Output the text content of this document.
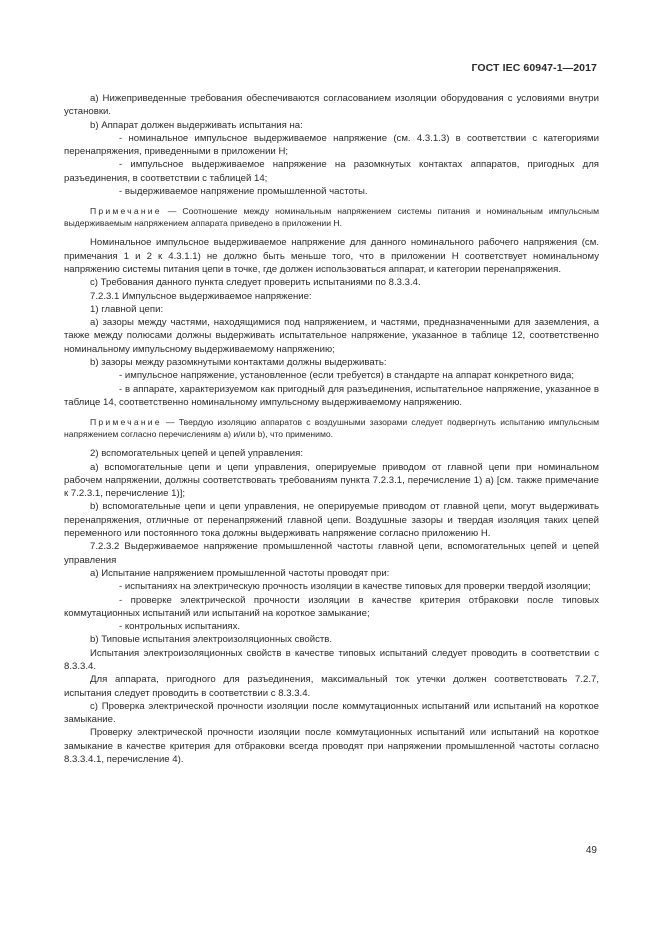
ГОСТ IEC 60947-1—2017

a) Нижеприведенные требования обеспечиваются согласованием изоляции оборудования с условиями внутри установки.

b) Аппарат должен выдерживать испытания на:

- номинальное импульсное выдерживаемое напряжение (см. 4.3.1.3) в соответствии с категориями перенапряжения, приведенными в приложении Н;

- импульсное выдерживаемое напряжение на разомкнутых контактах аппаратов, пригодных для разъединения, в соответствии с таблицей 14;

- выдерживаемое напряжение промышленной частоты.

Примечание — Соотношение между номинальным напряжением системы питания и номинальным импульсным выдерживаемым напряжением аппарата приведено в приложении Н.

Номинальное импульсное выдерживаемое напряжение для данного номинального рабочего напряжения (см. примечания 1 и 2 к 4.3.1.1) не должно быть меньше того, что в приложении Н соответствует номинальному напряжению системы питания цепи в точке, где должен использоваться аппарат, и категории перенапряжения.

c) Требования данного пункта следует проверить испытаниями по 8.3.3.4.

7.2.3.1 Импульсное выдерживаемое напряжение:

1) главной цепи:

a) зазоры между частями, находящимися под напряжением, и частями, предназначенными для заземления, а также между полюсами должны выдерживать испытательное напряжение, указанное в таблице 12, соответственно номинальному импульсному выдерживаемому напряжению;

b) зазоры между разомкнутыми контактами должны выдерживать:

- импульсное напряжение, установленное (если требуется) в стандарте на аппарат конкретного вида;

- в аппарате, характеризуемом как пригодный для разъединения, испытательное напряжение, указанное в таблице 14, соответственно номинальному импульсному выдерживаемому напряжению.

Примечание — Твердую изоляцию аппаратов с воздушными зазорами следует подвергнуть испытанию импульсным напряжением согласно перечислениям а) и/или b), что применимо.

2) вспомогательных цепей и цепей управления:

a) вспомогательные цепи и цепи управления, оперируемые приводом от главной цепи при номинальном рабочем напряжении, должны соответствовать требованиям пункта 7.2.3.1, перечисление 1) а) [см. также примечание к 7.2.3.1, перечисление 1)];

b) вспомогательные цепи и цепи управления, не оперируемые приводом от главной цепи, могут выдерживать перенапряжения, отличные от перенапряжений главной цепи. Воздушные зазоры и твердая изоляция таких цепей переменного или постоянного тока должны выдерживать напряжение согласно приложению Н.

7.2.3.2 Выдерживаемое напряжение промышленной частоты главной цепи, вспомогательных цепей и цепей управления

a) Испытание напряжением промышленной частоты проводят при:

- испытаниях на электрическую прочность изоляции в качестве типовых для проверки твердой изоляции;

- проверке электрической прочности изоляции в качестве критерия отбраковки после типовых коммутационных испытаний или испытаний на короткое замыкание;

- контрольных испытаниях.

b) Типовые испытания электроизоляционных свойств.

Испытания электроизоляционных свойств в качестве типовых испытаний следует проводить в соответствии с 8.3.3.4.

Для аппарата, пригодного для разъединения, максимальный ток утечки должен соответствовать 7.2.7, испытания следует проводить в соответствии с 8.3.3.4.

c) Проверка электрической прочности изоляции после коммутационных испытаний или испытаний на короткое замыкание.

Проверку электрической прочности изоляции после коммутационных испытаний или испытаний на короткое замыкание в качестве критерия для отбраковки всегда проводят при напряжении промышленной частоты согласно 8.3.3.4.1, перечисление 4).

49
